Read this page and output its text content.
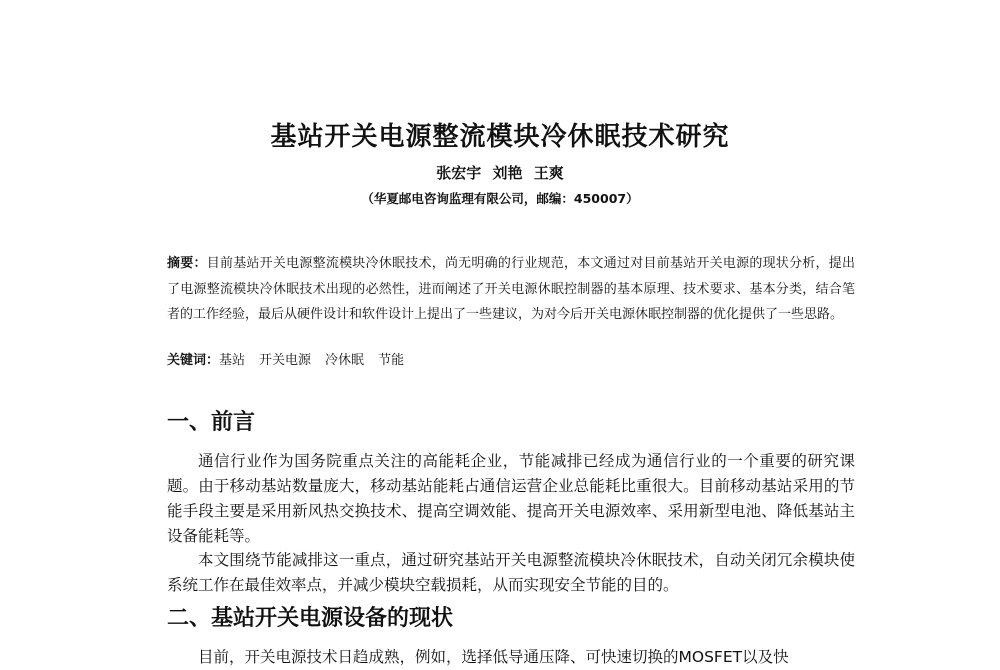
基站开关电源整流模块冷休眠技术研究
张宏宇 刘艳 王爽
（华夏邮电咨询监理有限公司，邮编：450007）

摘要：目前基站开关电源整流模块冷休眠技术，尚无明确的行业规范，本文通过对目前基站开关电源的现状分析，提出了电源整流模块冷休眠技术出现的必然性，进而阐述了开关电源休眠控制器的基本原理、技术要求、基本分类，结合笔者的工作经验，最后从硬件设计和软件设计上提出了一些建议，为对今后开关电源休眠控制器的优化提供了一些思路。

关键词：基站 开关电源 冷休眠 节能
一、前言

通信行业作为国务院重点关注的高能耗企业，节能减排已经成为通信行业的一个重要的研究课题。由于移动基站数量庞大，移动基站能耗占通信运营企业总能耗比重很大。目前移动基站采用的节能手段主要是采用新风热交换技术、提高空调效能、提高开关电源效率、采用新型电池、降低基站主设备能耗等。

本文围绕节能减排这一重点，通过研究基站开关电源整流模块冷休眠技术，自动关闭冗余模块使系统工作在最佳效率点，并减少模块空载损耗，从而实现安全节能的目的。

二、基站开关电源设备的现状

目前，开关电源技术日趋成熟，例如，选择低导通压降、可快速切换的MOSFET以及快
